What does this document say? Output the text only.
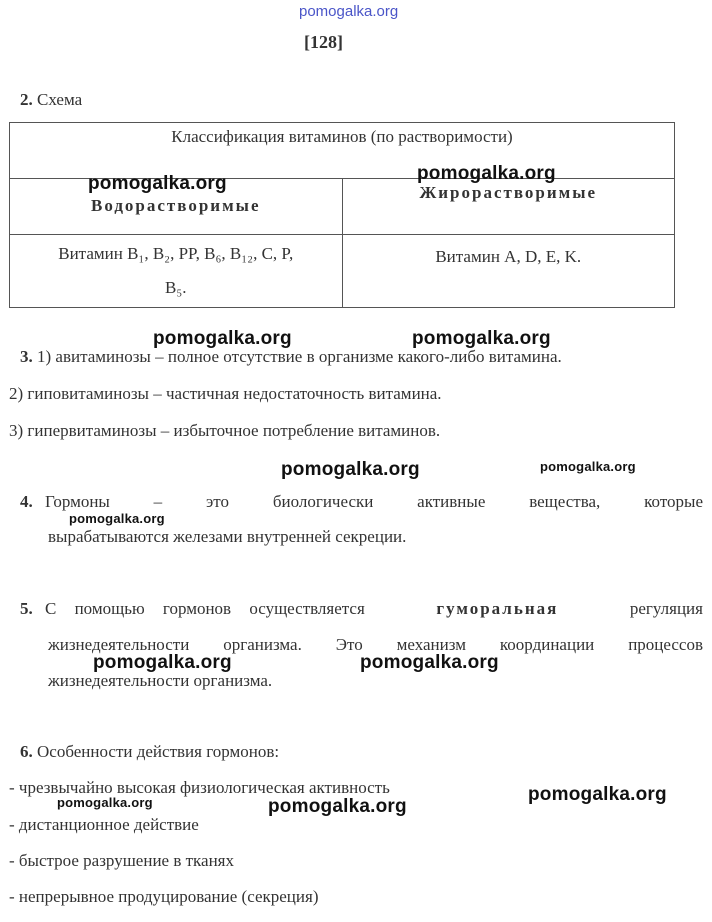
pomogalka.org
[128]
2. Схема
Классификация витаминов (по растворимости)	
Водорастворимые	Жирорастворимые

Витамин B₁, B₂, PP, B₆, B₁₂, C, P,
B₅.	Витамин A, D, E, K.
3. 1) авитаминозы – полное отсутствие в организме какого-либо витамина.
2) гиповитаминозы – частичная недостаточность витамина.
3) гипервитаминозы – избыточное потребление витаминов.
4. Гормоны – это биологически активные вещества, которые
вырабатываются железами внутренней секреции.
5. С помощью гормонов осуществляется	гуморальная	регуляция
жизнедеятельности организма. Это механизм координации процессов
жизнедеятельности организма.
6. Особенности действия гормонов:
- чрезвычайно высокая физиологическая активность
- дистанционное действие
- быстрое разрушение в тканях
- непрерывное продуцирование (секреция)
pomogalka.org
pomogalka.org
pomogalka.org	pomogalka.org
pomogalka.org	pomogalka.org
pomogalka.org
pomogalka.org	pomogalka.org
pomogalka.org
pomogalka.org	pomogalka.org
